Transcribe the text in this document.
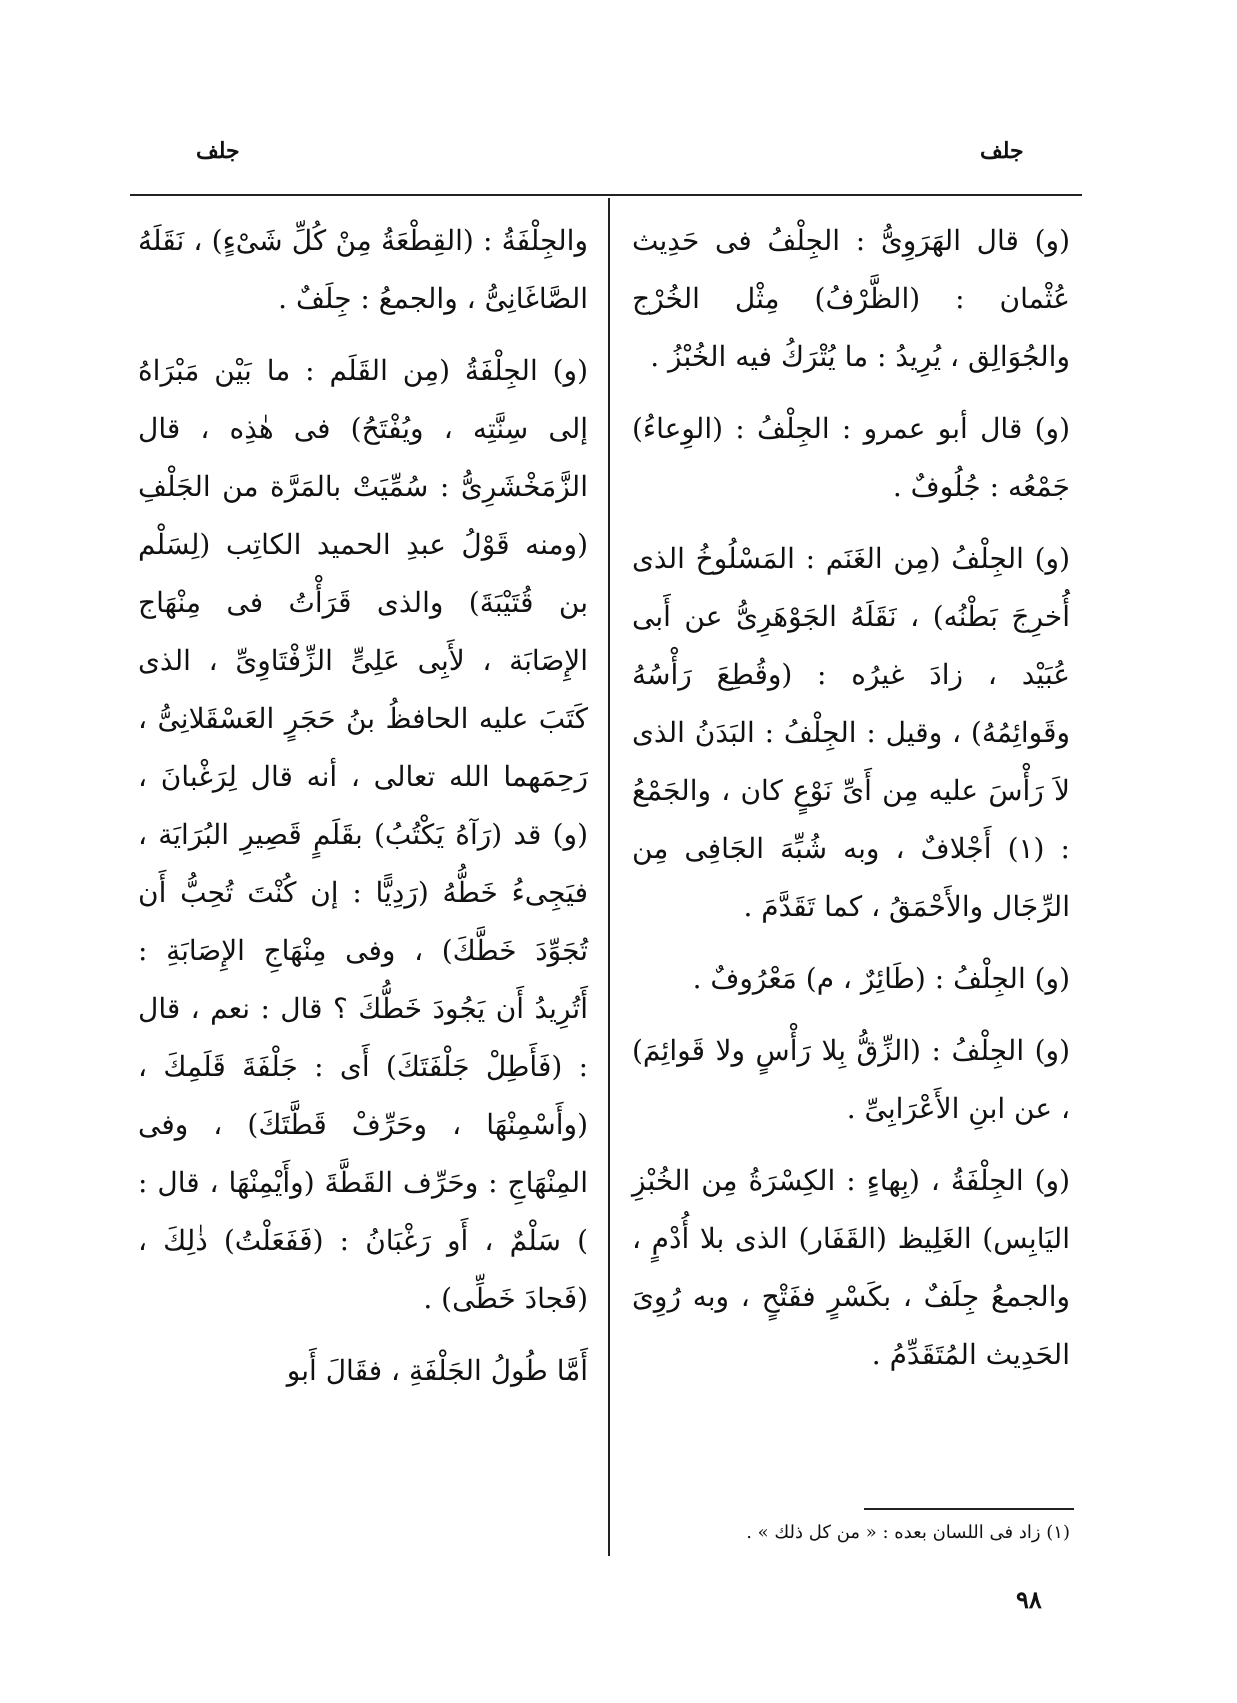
جلف	جلف

(و) قال الهَرَوِىُّ : الجِلْفُ فى حَدِيث عُثْمان : (الظَّرْفُ) مِثْل الخُرْج والجُوَالِق ، يُرِيدُ : ما يُتْرَكُ فيه الخُبْزُ .

(و) قال أبو عمرو : الجِلْفُ : (الوِعاءُ) جَمْعُه : جُلُوفٌ .

(و) الجِلْفُ (مِن الغَنَم : المَسْلُوخُ الذى أُخرِجَ بَطْنُه) ، نَقَلَهُ الجَوْهَرِىُّ عن أَبى عُبَيْد ، زادَ غيرُه : (وقُطِعَ رَأْسُهُ وقَوائِمُهُ) ، وقيل : الجِلْفُ : البَدَنُ الذى لاَ رَأْسَ عليه مِن أَىِّ نَوْعٍ كان ، والجَمْعُ : (١) أَجْلافٌ ، وبه شُبِّهَ الجَافِى مِن الرِّجَال والأَحْمَقُ ، كما تَقَدَّمَ .

(و) الجِلْفُ : (طَائِرٌ ، م) مَعْرُوفٌ .

(و) الجِلْفُ : (الزِّقُّ بِلا رَأْسٍ ولا قَوائِمَ) ، عن ابنِ الأَعْرَابِىِّ .

(و) الجِلْفَةُ ، (بِهاءٍ : الكِسْرَةُ مِن الخُبْزِ اليَابِس) الغَلِيظ (القَفَار) الذى بلا أُدْمٍ ، والجمعُ جِلَفٌ ، بكَسْرٍ ففَتْحٍ ، وبه رُوِىَ الحَدِيث المُتَقَدِّمُ .

والجِلْفَةُ : (القِطْعَةُ مِنْ كُلِّ شَىْءٍ) ، نَقَلَهُ الصَّاغَانِىُّ ، والجمعُ : جِلَفٌ .

(و) الجِلْفَةُ (مِن القَلَم : ما بَيْن مَبْرَاهُ إلى سِنَّتِه ، ويُفْتَحُ) فى هٰذِه ، قال الزَّمَخْشَرِىُّ : سُمِّيَتْ بالمَرَّة من الجَلْفِ (ومنه قَوْلُ عبدِ الحميد الكاتِب (لِسَلْم بن قُتَيْبَةَ) والذى قَرَأْتُ فى مِنْهَاج الإِصَابَة ، لأَبِى عَلِىٍّ الزِّفْتَاوِىِّ ، الذى كَتَبَ عليه الحافظُ بنُ حَجَرٍ العَسْقَلانِىُّ ، رَحِمَهما الله تعالى ، أنه قال لِرَغْبانَ ، (و) قد (رَآهُ يَكْتُبُ) بقَلَمٍ قَصِيرِ البُرَايَة ، فيَجِىءُ خَطُّهُ (رَدِيًّا : إن كُنْتَ تُحِبُّ أَن تُجَوِّدَ خَطَّكَ) ، وفى مِنْهَاجِ الإِصَابَةِ : أَتُرِيدُ أَن يَجُودَ خَطُّكَ ؟ قال : نعم ، قال : (فَأَطِلْ جَلْفَتَكَ) أَى : جَلْفَةَ قَلَمِكَ ، (وأَسْمِنْهَا ، وحَرِّفْ قَطَّتَكَ) ، وفى المِنْهَاجِ : وحَرِّف القَطَّةَ (وأَيْمِنْهَا ، قال : ) سَلْمٌ ، أَو رَغْبَانُ : (فَفَعَلْتُ) ذٰلِكَ ، (فَجادَ خَطِّى) .

أَمَّا طُولُ الجَلْفَةِ ، فقَالَ أَبو

(١) زاد فى اللسان بعده : « من كل ذلك » .
٩٨
